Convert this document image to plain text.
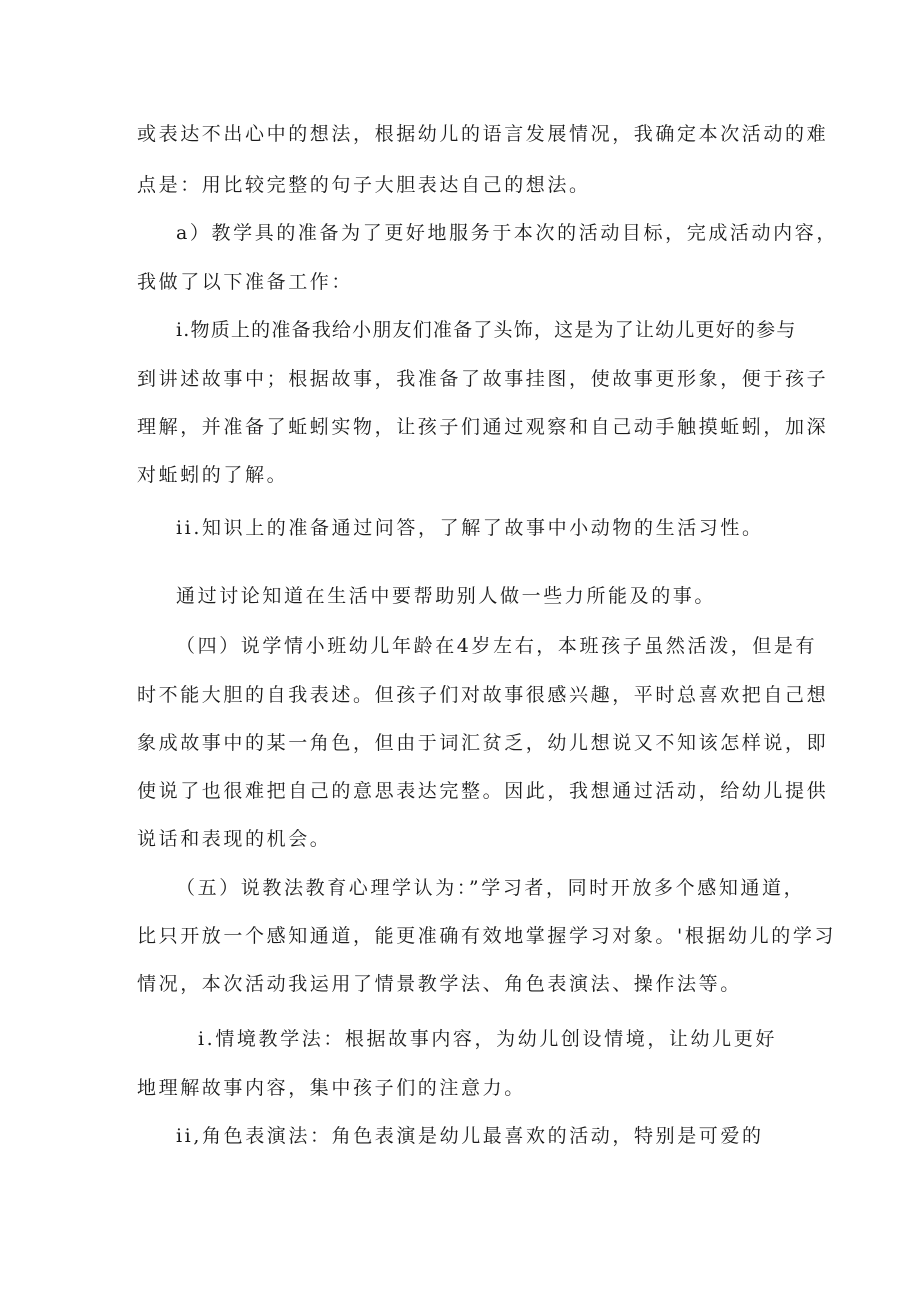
或表达不出心中的想法，根据幼儿的语言发展情况，我确定本次活动的难
点是：用比较完整的句子大胆表达自己的想法。
a）教学具的准备为了更好地服务于本次的活动目标，完成活动内容，
我做了以下准备工作：
i.物质上的准备我给小朋友们准备了头饰，这是为了让幼儿更好的参与
到讲述故事中；根据故事，我准备了故事挂图，使故事更形象，便于孩子
理解，并准备了蚯蚓实物，让孩子们通过观察和自己动手触摸蚯蚓，加深
对蚯蚓的了解。
ii.知识上的准备通过问答，了解了故事中小动物的生活习性。
通过讨论知道在生活中要帮助别人做一些力所能及的事。
（四）说学情小班幼儿年龄在4岁左右，本班孩子虽然活泼，但是有
时不能大胆的自我表述。但孩子们对故事很感兴趣，平时总喜欢把自己想
象成故事中的某一角色，但由于词汇贫乏，幼儿想说又不知该怎样说，即
使说了也很难把自己的意思表达完整。因此，我想通过活动，给幼儿提供
说话和表现的机会。
（五）说教法教育心理学认为：”学习者，同时开放多个感知通道，
比只开放一个感知通道，能更准确有效地掌握学习对象。'根据幼儿的学习
情况，本次活动我运用了情景教学法、角色表演法、操作法等。
i.情境教学法：根据故事内容，为幼儿创设情境，让幼儿更好
地理解故事内容，集中孩子们的注意力。
ii,角色表演法：角色表演是幼儿最喜欢的活动，特别是可爱的
